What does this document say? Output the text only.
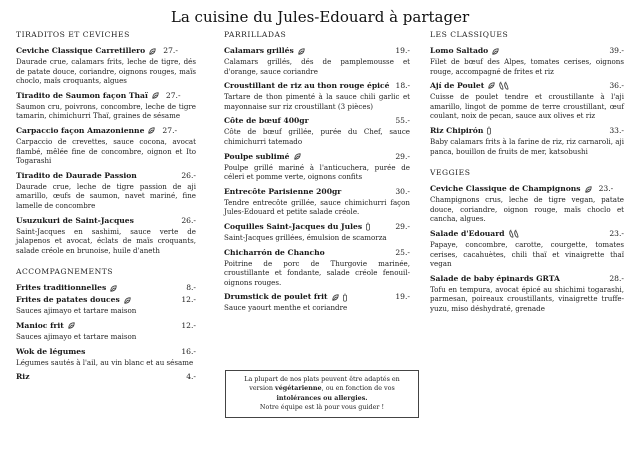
La cuisine du Jules-Edouard à partager
TIRADITOS ET CEVICHES
Ceviche Classique Carretillero 27.-
Daurade crue, calamars frits, leche de tigre, dés de patate douce, coriandre, oignons rouges, maïs choclo, maïs croquants, algues
Tiradito de Saumon façon Thaï 27.-
Saumon cru, poivrons, concombre, leche de tigre tamarin, chimichurri Thaï, graines de sésame
Carpaccio façon Amazonienne 27.-
Carpaccio de crevettes, sauce cocona, avocat flambé, mêlée fine de concombre, oignon et Ito Togarashi
Tiradito de Daurade Passion	26.-
Daurade crue, leche de tigre passion de aji amarillo, œufs de saumon, navet mariné, fine lamelle de concombre
Usuzukuri de Saint-Jacques	26.-
Saint-Jacques en sashimi, sauce verte de jalapenos et avocat, éclats de maïs croquants, salade créole en brunoise, huile d'aneth
ACCOMPAGNEMENTS
Frites traditionnelles	8.-
Frites de patates douces	12.-
Sauces ajimayo et tartare maison
Manioc frit	12.-
Sauces ajimayo et tartare maison
Wok de légumes	16.-
Légumes sautés à l'ail, au vin blanc et au sésame
Riz	4.-
PARRILLADAS
Calamars grillés	19.-
Calamars grillés, dés de pamplemousse et d'orange, sauce coriandre
Croustillant de riz au thon rouge épicé 18.-
Tartare de thon pimenté à la sauce chili garlic et mayonnaise sur riz croustillant (3 pièces)
Côte de bœuf 400gr	55.-
Côte de bœuf grillée, purée du Chef, sauce chimichurri tatemado
Poulpe sublimé	29.-
Poulpe grillé mariné à l'anticuchera, purée de céleri et pomme verte, oignons confits
Entrecôte Parisienne 200gr	30.-
Tendre entrecôte grillée, sauce chimichurri façon Jules-Edouard et petite salade créole.
Coquilles Saint-Jacques du Jules	29.-
Saint-Jacques grillées, émulsion de scamorza
Chicharrón de Chancho	25.-
Poitrine de porc de Thurgovie marinée, croustillante et fondante, salade créole fenouil-oignons rouges.
Drumstick de poulet frit	19.-
Sauce yaourt menthe et coriandre
La plupart de nos plats peuvent être adaptés en
version végétarienne, ou en fonction de vos
intolérances ou allergies.
Notre équipe est là pour vous guider !
LES CLASSIQUES
Lomo Saltado	39.-
Filet de bœuf des Alpes, tomates cerises, oignons rouge, accompagné de frites et riz
Ají de Poulet	36.-
Cuisse de poulet tendre et croustillante à l'aji amarillo, lingot de pomme de terre croustillant, œuf coulant, noix de pecan, sauce aux olives et riz
Riz Chipirón	33.-
Baby calamars frits à la farine de riz, riz carnaroli, aji panca, bouillon de fruits de mer, katsobushi
VEGGIES
Ceviche Classique de Champignons 23.-
Champignons crus, leche de tigre vegan, patate douce, coriandre, oignon rouge, maïs choclo et cancha, algues.
Salade d'Edouard	23.-
Papaye, concombre, carotte, courgette, tomates cerises, cacahuètes, chili thaï et vinaigrette thaï vegan
Salade de baby épinards GRTA	28.-
Tofu en tempura, avocat épicé au shichimi togarashi, parmesan, poireaux croustillants, vinaigrette truffe-yuzu, miso déshydraté, grenade
